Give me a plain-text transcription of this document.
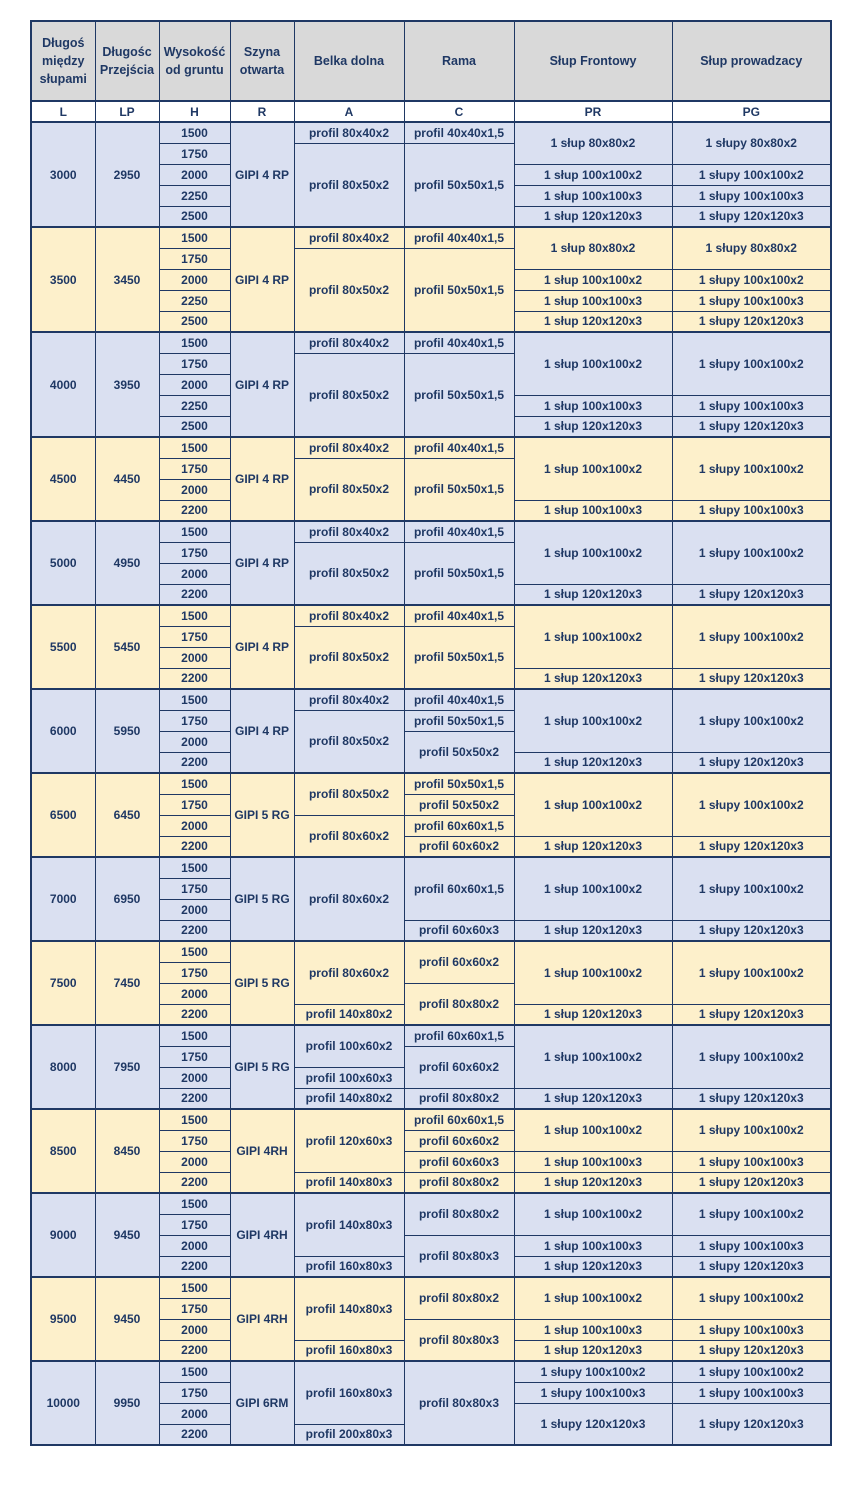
Długoś między słupami	Długośc Przejścia	Wysokość od gruntu	Szyna otwarta	Belka dolna	Rama	Słup Frontowy	Słup prowadzacy
L	LP	H	R	A	C	PR	PG
3000	2950	1500	GIPI 4 RP	profil 80x40x2	profil 40x40x1,5	1 słup 80x80x2	1 słupy 80x80x2
		1750		profil 80x50x2	profil 50x50x1,5		
		2000				1 słup 100x100x2	1 słupy 100x100x2
		2250				1 słup 100x100x3	1 słupy 100x100x3
		2500				1 słup 120x120x3	1 słupy 120x120x3
3500	3450	1500	GIPI 4 RP	profil 80x40x2	profil 40x40x1,5	1 słup 80x80x2	1 słupy 80x80x2
		1750		profil 80x50x2	profil 50x50x1,5		
		2000				1 słup 100x100x2	1 słupy 100x100x2
		2250				1 słup 100x100x3	1 słupy 100x100x3
		2500				1 słup 120x120x3	1 słupy 120x120x3
4000	3950	1500	GIPI 4 RP	profil 80x40x2	profil 40x40x1,5	1 słup 100x100x2	1 słupy 100x100x2
		1750		profil 80x50x2	profil 50x50x1,5		
		2000					
		2250				1 słup 100x100x3	1 słupy 100x100x3
		2500				1 słup 120x120x3	1 słupy 120x120x3
4500	4450	1500	GIPI 4 RP	profil 80x40x2	profil 40x40x1,5	1 słup 100x100x2	1 słupy 100x100x2
		1750		profil 80x50x2	profil 50x50x1,5		
		2000					
		2200				1 słup 100x100x3	1 słupy 100x100x3
5000	4950	1500	GIPI 4 RP	profil 80x40x2	profil 40x40x1,5	1 słup 100x100x2	1 słupy 100x100x2
		1750		profil 80x50x2	profil 50x50x1,5		
		2000					
		2200				1 słup 120x120x3	1 słupy 120x120x3
5500	5450	1500	GIPI 4 RP	profil 80x40x2	profil 40x40x1,5	1 słup 100x100x2	1 słupy 100x100x2
		1750		profil 80x50x2	profil 50x50x1,5		
		2000					
		2200				1 słup 120x120x3	1 słupy 120x120x3
6000	5950	1500	GIPI 4 RP	profil 80x40x2	profil 40x40x1,5	1 słup 100x100x2	1 słupy 100x100x2
		1750		profil 80x50x2	profil 50x50x1,5		
		2000			profil 50x50x2		
		2200				1 słup 120x120x3	1 słupy 120x120x3
6500	6450	1500	GIPI 5 RG	profil 80x50x2	profil 50x50x1,5	1 słup 100x100x2	1 słupy 100x100x2
		1750			profil 50x50x2		
		2000		profil 80x60x2	profil 60x60x1,5		
		2200			profil 60x60x2	1 słup 120x120x3	1 słupy 120x120x3
7000	6950	1500	GIPI 5 RG	profil 80x60x2	profil 60x60x1,5	1 słup 100x100x2	1 słupy 100x100x2
		1750					
		2000					
		2200			profil 60x60x3	1 słup 120x120x3	1 słupy 120x120x3
7500	7450	1500	GIPI 5 RG	profil 80x60x2	profil 60x60x2	1 słup 100x100x2	1 słupy 100x100x2
		1750					
		2000			profil 80x80x2		
		2200		profil 140x80x2		1 słup 120x120x3	1 słupy 120x120x3
8000	7950	1500	GIPI 5 RG	profil 100x60x2	profil 60x60x1,5	1 słup 100x100x2	1 słupy 100x100x2
		1750			profil 60x60x2		
		2000		profil 100x60x3			
		2200		profil 140x80x2	profil 80x80x2	1 słup 120x120x3	1 słupy 120x120x3
8500	8450	1500	GIPI 4RH	profil 120x60x3	profil 60x60x1,5	1 słup 100x100x2	1 słupy 100x100x2
		1750			profil 60x60x2		
		2000			profil 60x60x3	1 słup 100x100x3	1 słupy 100x100x3
		2200		profil 140x80x3	profil 80x80x2	1 słup 120x120x3	1 słupy 120x120x3
9000	9450	1500	GIPI 4RH	profil 140x80x3	profil 80x80x2	1 słup 100x100x2	1 słupy 100x100x2
		1750					
		2000			profil 80x80x3	1 słup 100x100x3	1 słupy 100x100x3
		2200		profil 160x80x3		1 słup 120x120x3	1 słupy 120x120x3
9500	9450	1500	GIPI 4RH	profil 140x80x3	profil 80x80x2	1 słup 100x100x2	1 słupy 100x100x2
		1750					
		2000			profil 80x80x3	1 słup 100x100x3	1 słupy 100x100x3
		2200		profil 160x80x3		1 słup 120x120x3	1 słupy 120x120x3
10000	9950	1500	GIPI 6RM	profil 160x80x3	profil 80x80x3	1 słupy 100x100x2	1 słupy 100x100x2
		1750				1 słupy 100x100x3	1 słupy 100x100x3
		2000				1 słupy 120x120x3	1 słupy 120x120x3
		2200		profil 200x80x3			
